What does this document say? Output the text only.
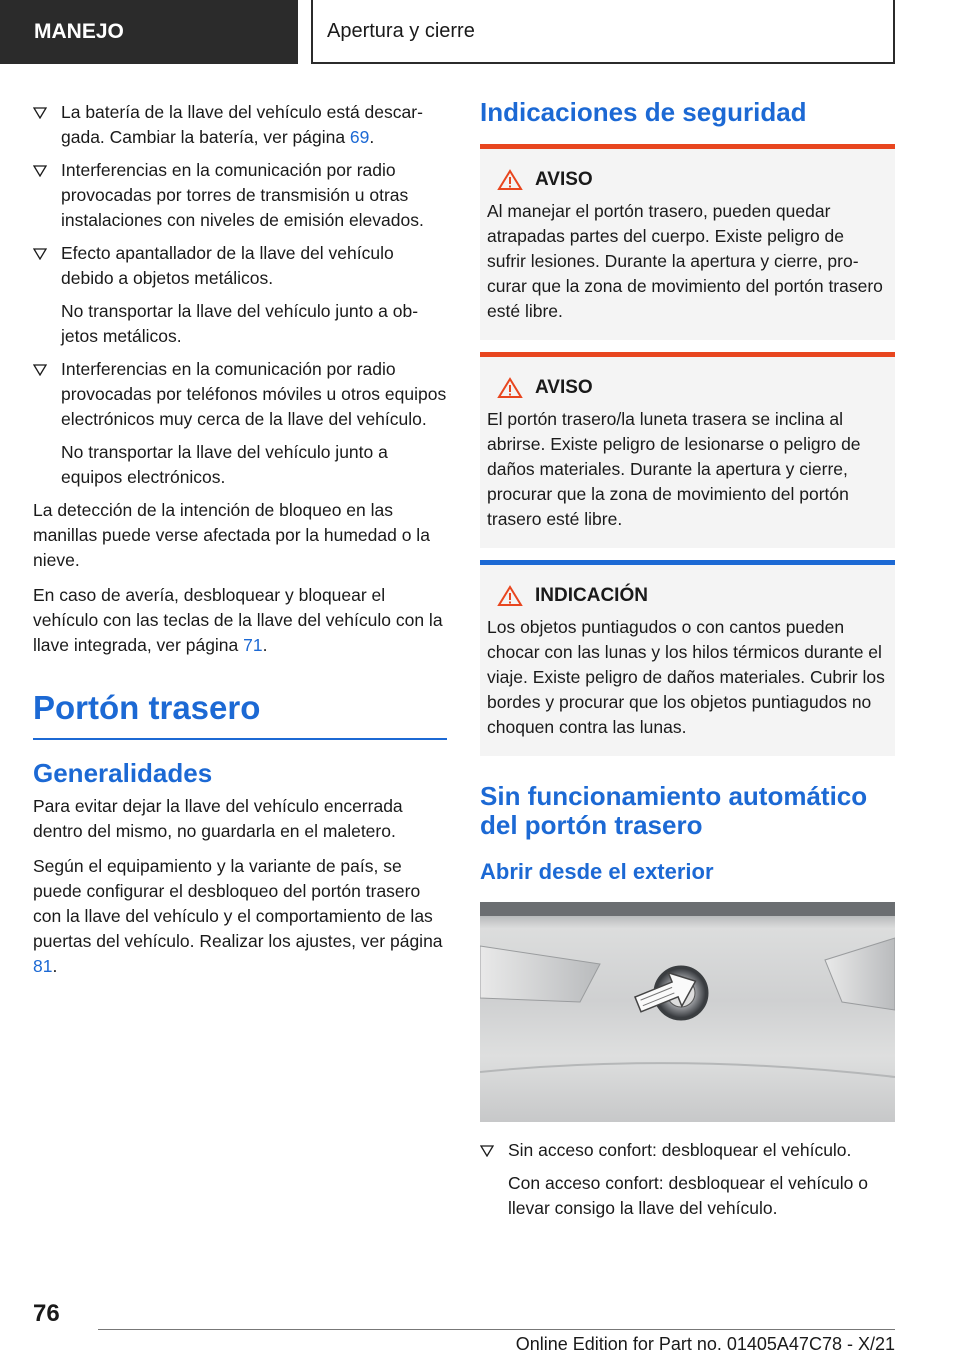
MANEJO	Apertura y cierre
La batería de la llave del vehículo está descargada. Cambiar la batería, ver página 69.
Interferencias en la comunicación por radio provocadas por torres de transmisión u otras instalaciones con niveles de emisión elevados.
Efecto apantallador de la llave del vehículo debido a objetos metálicos.
No transportar la llave del vehículo junto a objetos metálicos.
Interferencias en la comunicación por radio provocadas por teléfonos móviles u otros equipos electrónicos muy cerca de la llave del vehículo.
No transportar la llave del vehículo junto a equipos electrónicos.

La detección de la intención de bloqueo en las manillas puede verse afectada por la humedad o la nieve.

En caso de avería, desbloquear y bloquear el vehículo con las teclas de la llave del vehículo con la llave integrada, ver página 71.

Portón trasero
Generalidades

Para evitar dejar la llave del vehículo encerrada dentro del mismo, no guardarla en el maletero.

Según el equipamiento y la variante de país, se puede configurar el desbloqueo del portón trasero con la llave del vehículo y el comportamiento de las puertas del vehículo. Realizar los ajustes, ver página 81.

Indicaciones de seguridad
AVISO
Al manejar el portón trasero, pueden quedar atrapadas partes del cuerpo. Existe peligro de sufrir lesiones. Durante la apertura y cierre, procurar que la zona de movimiento del portón trasero esté libre.
AVISO
El portón trasero/la luneta trasera se inclina al abrirse. Existe peligro de lesionarse o peligro de daños materiales. Durante la apertura y cierre, procurar que la zona de movimiento del portón trasero esté libre.
INDICACIÓN
Los objetos puntiagudos o con cantos pueden chocar con las lunas y los hilos térmicos durante el viaje. Existe peligro de daños materiales. Cubrir los bordes y procurar que los objetos puntiagudos no choquen contra las lunas.
Sin funcionamiento automático del portón trasero
Abrir desde el exterior
Sin acceso confort: desbloquear el vehículo.
Con acceso confort: desbloquear el vehículo o llevar consigo la llave del vehículo.
76
Online Edition for Part no. 01405A47C78 - X/21
